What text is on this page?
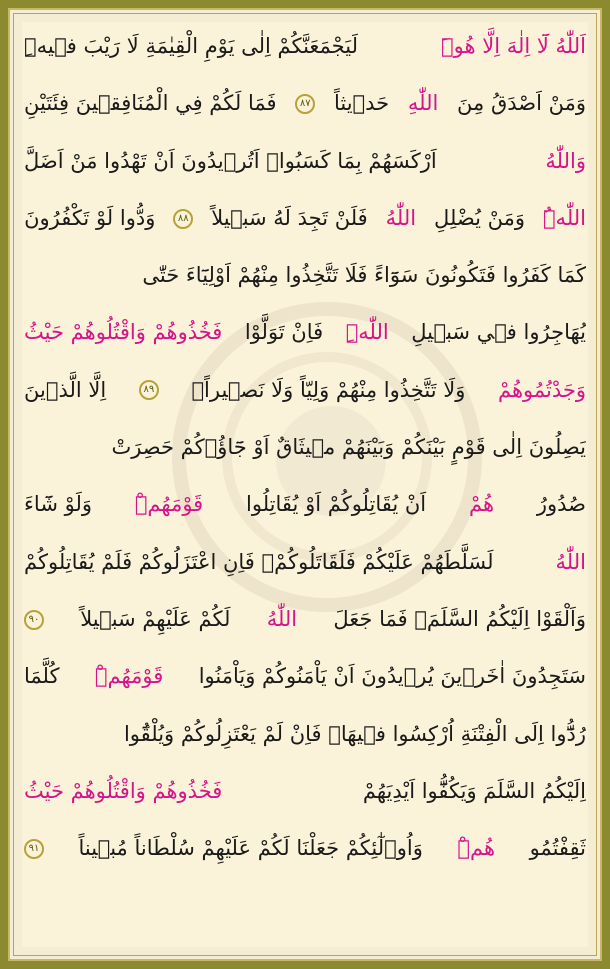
اَللّٰهُ لَٓا اِلٰهَ اِلَّا هُوَۜ
لَيَجْمَعَنَّكُمْ اِلٰى يَوْمِ الْقِيٰمَةِ لَا رَيْبَ فٖيهِۜ
وَمَنْ اَصْدَقُ مِنَ
اللّٰهِ
حَدٖيثاً
٨٧
فَمَا لَكُمْ فِي الْمُنَافِقٖينَ فِئَتَيْنِ
وَاللّٰهُ
اَرْكَسَهُمْ بِمَا كَسَبُواۜ اَتُرٖيدُونَ اَنْ تَهْدُوا مَنْ اَضَلَّ
اللّٰهُۜ
وَمَنْ يُضْلِلِ
اللّٰهُ
فَلَنْ تَجِدَ لَهُ سَبٖيلاً
٨٨
وَدُّوا لَوْ تَكْفُرُونَ
كَمَا كَفَرُوا فَتَكُونُونَ سَوَٓاءً فَلَا تَتَّخِذُوا مِنْهُمْ اَوْلِيَٓاءَ حَتّٰى
يُهَاجِرُوا فٖي سَبٖيلِ
اللّٰهِۜ
فَاِنْ تَوَلَّوْا
فَخُذُوهُمْ وَاقْتُلُوهُمْ حَيْثُ
وَجَدْتُمُوهُمْ
وَلَا تَتَّخِذُوا مِنْهُمْ وَلِيّاً وَلَا نَصٖيراًۙ
٨٩
اِلَّا الَّذٖينَ
يَصِلُونَ اِلٰى قَوْمٍ بَيْنَكُمْ وَبَيْنَهُمْ مٖيثَاقٌ اَوْ جَٓاؤُ۫كُمْ حَصِرَتْ
صُدُورُ
هُمْ
اَنْ يُقَاتِلُوكُمْ اَوْ يُقَاتِلُوا
قَوْمَهُمْۜ
وَلَوْ شَٓاءَ
اللّٰهُ
لَسَلَّطَهُمْ عَلَيْكُمْ فَلَقَاتَلُوكُمْۚ فَاِنِ اعْتَزَلُوكُمْ فَلَمْ يُقَاتِلُوكُمْ
وَاَلْقَوْا اِلَيْكُمُ السَّلَمَۙ فَمَا جَعَلَ
اللّٰهُ
لَكُمْ عَلَيْهِمْ سَبٖيلاً
٩٠
سَتَجِدُونَ اٰخَرٖينَ يُرٖيدُونَ اَنْ يَاْمَنُوكُمْ وَيَاْمَنُوا
قَوْمَهُمْۜ
كُلَّمَا
رُدُّٓوا اِلَى الْفِتْنَةِ اُرْكِسُوا فٖيهَاۚ فَاِنْ لَمْ يَعْتَزِلُوكُمْ وَيُلْقُٓوا
اِلَيْكُمُ السَّلَمَ وَيَكُفُّٓوا اَيْدِيَهُمْ
فَخُذُوهُمْ وَاقْتُلُوهُمْ حَيْثُ
ثَقِفْتُمُو
هُمْۜ
وَاُو۬لٰٓئِكُمْ جَعَلْنَا لَكُمْ عَلَيْهِمْ سُلْطَاناً مُبٖيناً
٩١
